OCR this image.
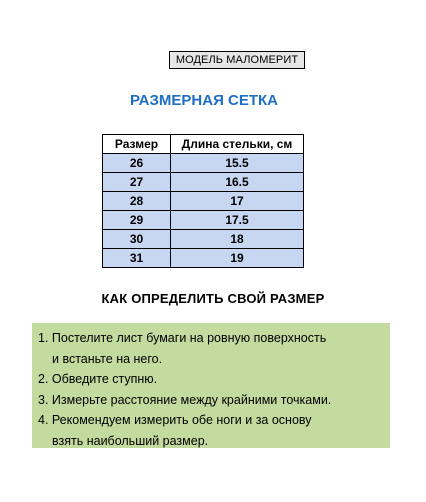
МОДЕЛЬ МАЛОМЕРИТ
РАЗМЕРНАЯ СЕТКА
Размер	Длина стельки, см
26	15.5
27	16.5
28	17
29	17.5
30	18
31	19
КАК ОПРЕДЕЛИТЬ СВОЙ РАЗМЕР
1. Постелите лист бумаги на ровную поверхность
и встаньте на него.
2. Обведите ступню.
3. Измерьте расстояние между крайними точками.
4. Рекомендуем измерить обе ноги и за основу
взять наибольший размер.
